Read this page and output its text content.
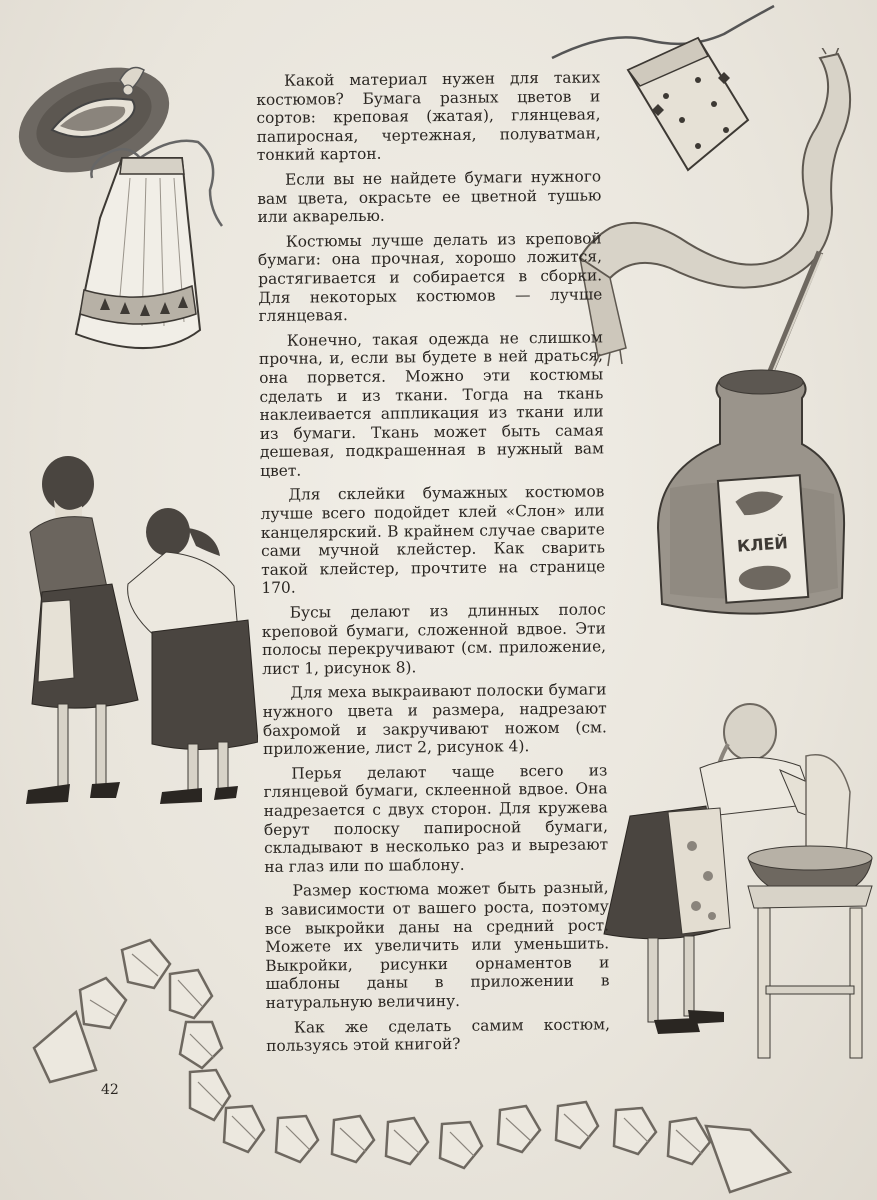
КЛЕЙ

Какой материал нужен для таких костюмов? Бумага разных цветов и сортов: креповая (жатая), глянцевая, папиросная, чертежная, полуватман, тонкий картон.

Если вы не найдете бумаги нужного вам цвета, окрасьте ее цветной тушью или акварелью.

Костюмы лучше делать из креповой бумаги: она прочная, хорошо ложится, растягивается и собирается в сборки. Для некоторых костюмов — лучше глянцевая.

Конечно, такая одежда не слишком прочна, и, если вы будете в ней драться, она порвется. Можно эти костюмы сделать и из ткани. Тогда на ткань наклеивается аппликация из ткани или из бумаги. Ткань может быть самая дешевая, подкрашенная в нужный вам цвет.

Для склейки бумажных костюмов лучше всего подойдет клей «Слон» или канцелярский. В крайнем случае сварите сами мучной клейстер. Как сварить такой клейстер, прочтите на странице 170.

Бусы делают из длинных полос креповой бумаги, сложенной вдвое. Эти полосы перекручивают (см. приложение, лист 1, рисунок 8).

Для меха выкраивают полоски бумаги нужного цвета и размера, надрезают бахромой и закручивают ножом (см. приложение, лист 2, рисунок 4).

Перья делают чаще всего из глянцевой бумаги, склеенной вдвое. Она надрезается с двух сторон. Для кружева берут полоску папиросной бумаги, складывают в несколько раз и вырезают на глаз или по шаблону.

Размер костюма может быть разный, в зависимости от вашего роста, поэтому все выкройки даны на средний рост. Можете их увеличить или уменьшить. Выкройки, рисунки орнаментов и шаблоны даны в приложении в натуральную величину.

Как же сделать самим костюм, пользуясь этой книгой?

42
